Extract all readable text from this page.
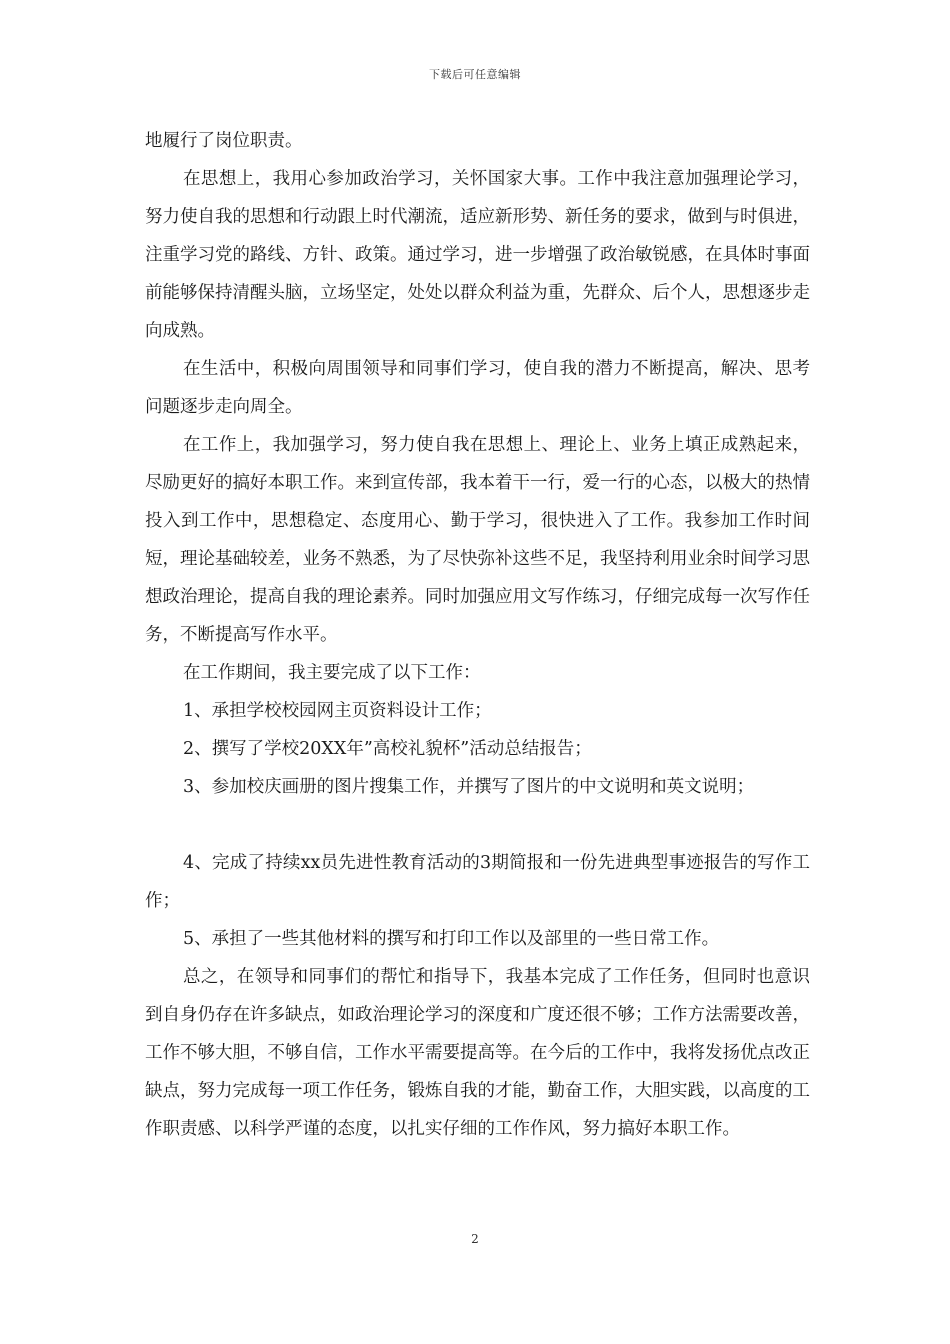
下载后可任意编辑

地履行了岗位职责。

在思想上，我用心参加政治学习，关怀国家大事。工作中我注意加强理论学习，努力使自我的思想和行动跟上时代潮流，适应新形势、新任务的要求，做到与时俱进，注重学习党的路线、方针、政策。通过学习，进一步增强了政治敏锐感，在具体时事面前能够保持清醒头脑，立场坚定，处处以群众利益为重，先群众、后个人，思想逐步走向成熟。

在生活中，积极向周围领导和同事们学习，使自我的潜力不断提高，解决、思考问题逐步走向周全。

在工作上，我加强学习，努力使自我在思想上、理论上、业务上填正成熟起来，尽励更好的搞好本职工作。来到宣传部，我本着干一行，爱一行的心态，以极大的热情投入到工作中，思想稳定、态度用心、勤于学习，很快进入了工作。我参加工作时间短，理论基础较差，业务不熟悉，为了尽快弥补这些不足，我坚持利用业余时间学习思想政治理论，提高自我的理论素养。同时加强应用文写作练习，仔细完成每一次写作任务，不断提高写作水平。

在工作期间，我主要完成了以下工作：

1、承担学校校园网主页资料设计工作；

2、撰写了学校20XX年”高校礼貌杯”活动总结报告；

3、参加校庆画册的图片搜集工作，并撰写了图片的中文说明和英文说明；

4、完成了持续xx员先进性教育活动的3期简报和一份先进典型事迹报告的写作工作；

5、承担了一些其他材料的撰写和打印工作以及部里的一些日常工作。

总之，在领导和同事们的帮忙和指导下，我基本完成了工作任务，但同时也意识到自身仍存在许多缺点，如政治理论学习的深度和广度还很不够；工作方法需要改善，工作不够大胆，不够自信，工作水平需要提高等。在今后的工作中，我将发扬优点改正缺点，努力完成每一项工作任务，锻炼自我的才能，勤奋工作，大胆实践，以高度的工作职责感、以科学严谨的态度，以扎实仔细的工作作风，努力搞好本职工作。

2
